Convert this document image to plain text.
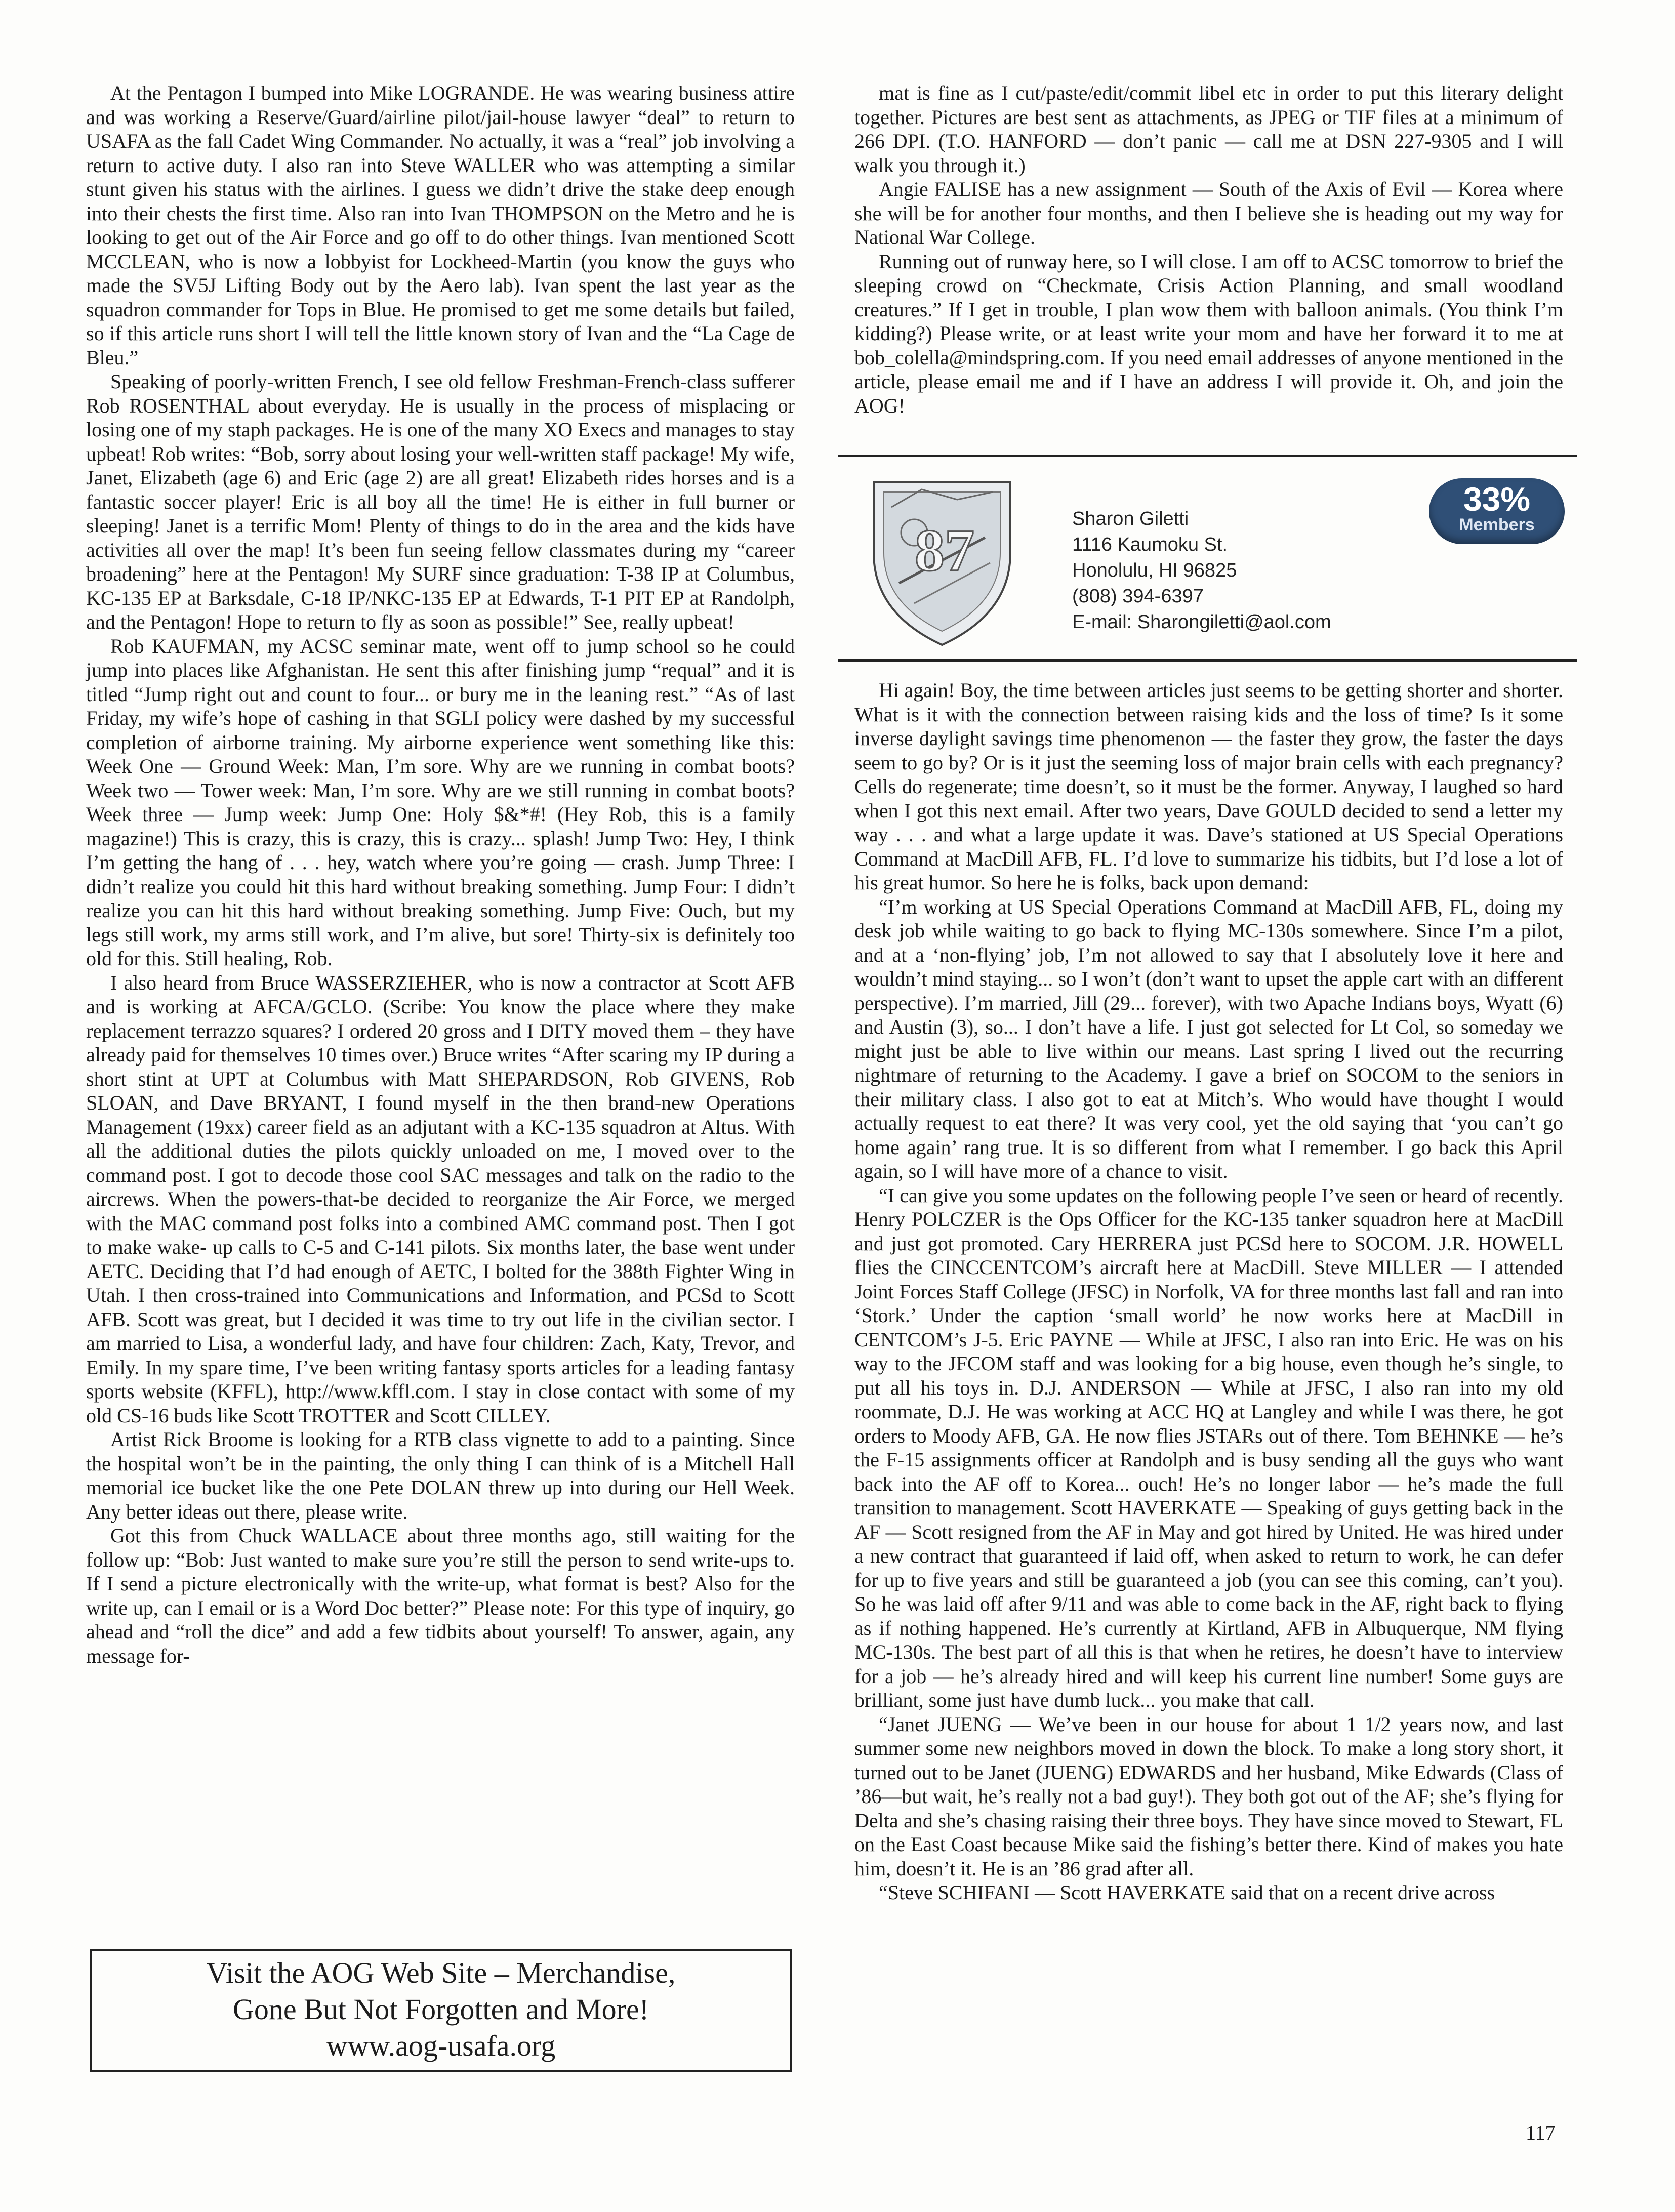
At the Pentagon I bumped into Mike LOGRANDE. He was wearing business attire and was working a Reserve/Guard/airline pilot/jail-house lawyer “deal” to return to USAFA as the fall Cadet Wing Commander. No actually, it was a “real” job involving a return to active duty. I also ran into Steve WALLER who was attempting a similar stunt given his status with the airlines. I guess we didn’t drive the stake deep enough into their chests the first time. Also ran into Ivan THOMPSON on the Metro and he is looking to get out of the Air Force and go off to do other things. Ivan mentioned Scott MCCLEAN, who is now a lobbyist for Lockheed-Martin (you know the guys who made the SV5J Lifting Body out by the Aero lab). Ivan spent the last year as the squadron commander for Tops in Blue. He promised to get me some details but failed, so if this article runs short I will tell the little known story of Ivan and the “La Cage de Bleu.”

Speaking of poorly-written French, I see old fellow Freshman-French-class sufferer Rob ROSENTHAL about everyday. He is usually in the process of misplacing or losing one of my staph packages. He is one of the many XO Execs and manages to stay upbeat! Rob writes: “Bob, sorry about losing your well-written staff package! My wife, Janet, Elizabeth (age 6) and Eric (age 2) are all great! Elizabeth rides horses and is a fantastic soccer player! Eric is all boy all the time! He is either in full burner or sleeping! Janet is a terrific Mom! Plenty of things to do in the area and the kids have activities all over the map! It’s been fun seeing fellow classmates during my “career broadening” here at the Pentagon! My SURF since graduation: T-38 IP at Columbus, KC-135 EP at Barksdale, C-18 IP/NKC-135 EP at Edwards, T-1 PIT EP at Randolph, and the Pentagon! Hope to return to fly as soon as possible!” See, really upbeat!

Rob KAUFMAN, my ACSC seminar mate, went off to jump school so he could jump into places like Afghanistan. He sent this after finishing jump “requal” and it is titled “Jump right out and count to four... or bury me in the leaning rest.” “As of last Friday, my wife’s hope of cashing in that SGLI policy were dashed by my successful completion of airborne training. My airborne experience went something like this: Week One — Ground Week: Man, I’m sore. Why are we running in combat boots? Week two — Tower week: Man, I’m sore. Why are we still running in combat boots? Week three — Jump week: Jump One: Holy $&*#! (Hey Rob, this is a family magazine!) This is crazy, this is crazy, this is crazy... splash! Jump Two: Hey, I think I’m getting the hang of . . . hey, watch where you’re going — crash. Jump Three: I didn’t realize you could hit this hard without breaking something. Jump Four: I didn’t realize you can hit this hard without breaking something. Jump Five: Ouch, but my legs still work, my arms still work, and I’m alive, but sore! Thirty-six is definitely too old for this. Still healing, Rob.

I also heard from Bruce WASSERZIEHER, who is now a contractor at Scott AFB and is working at AFCA/GCLO. (Scribe: You know the place where they make replacement terrazzo squares? I ordered 20 gross and I DITY moved them – they have already paid for themselves 10 times over.) Bruce writes “After scaring my IP during a short stint at UPT at Columbus with Matt SHEPARDSON, Rob GIVENS, Rob SLOAN, and Dave BRYANT, I found myself in the then brand-new Operations Management (19xx) career field as an adjutant with a KC-135 squadron at Altus. With all the additional duties the pilots quickly unloaded on me, I moved over to the command post. I got to decode those cool SAC messages and talk on the radio to the aircrews. When the powers-that-be decided to reorganize the Air Force, we merged with the MAC command post folks into a combined AMC command post. Then I got to make wake- up calls to C-5 and C-141 pilots. Six months later, the base went under AETC. Deciding that I’d had enough of AETC, I bolted for the 388th Fighter Wing in Utah. I then cross-trained into Communications and Information, and PCSd to Scott AFB. Scott was great, but I decided it was time to try out life in the civilian sector. I am married to Lisa, a wonderful lady, and have four children: Zach, Katy, Trevor, and Emily. In my spare time, I’ve been writing fantasy sports articles for a leading fantasy sports website (KFFL), http://www.kffl.com. I stay in close contact with some of my old CS-16 buds like Scott TROTTER and Scott CILLEY.

Artist Rick Broome is looking for a RTB class vignette to add to a painting. Since the hospital won’t be in the painting, the only thing I can think of is a Mitchell Hall memorial ice bucket like the one Pete DOLAN threw up into during our Hell Week. Any better ideas out there, please write.

Got this from Chuck WALLACE about three months ago, still waiting for the follow up: “Bob: Just wanted to make sure you’re still the person to send write-ups to. If I send a picture electronically with the write-up, what format is best? Also for the write up, can I email or is a Word Doc better?” Please note: For this type of inquiry, go ahead and “roll the dice” and add a few tidbits about yourself! To answer, again, any message for-

mat is fine as I cut/paste/edit/commit libel etc in order to put this literary delight together. Pictures are best sent as attachments, as JPEG or TIF files at a minimum of 266 DPI. (T.O. HANFORD — don’t panic — call me at DSN 227-9305 and I will walk you through it.)

Angie FALISE has a new assignment — South of the Axis of Evil — Korea where she will be for another four months, and then I believe she is heading out my way for National War College.

Running out of runway here, so I will close. I am off to ACSC tomorrow to brief the sleeping crowd on “Checkmate, Crisis Action Planning, and small woodland creatures.” If I get in trouble, I plan wow them with balloon animals. (You think I’m kidding?) Please write, or at least write your mom and have her forward it to me at bob_colella@mindspring.com. If you need email addresses of anyone mentioned in the article, please email me and if I have an address I will provide it. Oh, and join the AOG!

87	Sharon Giletti
1116 Kaumoku St.
Honolulu, HI 96825
(808) 394-6397
E-mail: Sharongiletti@aol.com
33%
Members

Hi again! Boy, the time between articles just seems to be getting shorter and shorter. What is it with the connection between raising kids and the loss of time? Is it some inverse daylight savings time phenomenon — the faster they grow, the faster the days seem to go by? Or is it just the seeming loss of major brain cells with each pregnancy? Cells do regenerate; time doesn’t, so it must be the former. Anyway, I laughed so hard when I got this next email. After two years, Dave GOULD decided to send a letter my way . . . and what a large update it was. Dave’s stationed at US Special Operations Command at MacDill AFB, FL. I’d love to summarize his tidbits, but I’d lose a lot of his great humor. So here he is folks, back upon demand:

“I’m working at US Special Operations Command at MacDill AFB, FL, doing my desk job while waiting to go back to flying MC-130s somewhere. Since I’m a pilot, and at a ‘non-flying’ job, I’m not allowed to say that I absolutely love it here and wouldn’t mind staying... so I won’t (don’t want to upset the apple cart with an different perspective). I’m married, Jill (29... forever), with two Apache Indians boys, Wyatt (6) and Austin (3), so... I don’t have a life. I just got selected for Lt Col, so someday we might just be able to live within our means. Last spring I lived out the recurring nightmare of returning to the Academy. I gave a brief on SOCOM to the seniors in their military class. I also got to eat at Mitch’s. Who would have thought I would actually request to eat there? It was very cool, yet the old saying that ‘you can’t go home again’ rang true. It is so different from what I remember. I go back this April again, so I will have more of a chance to visit.

“I can give you some updates on the following people I’ve seen or heard of recently. Henry POLCZER is the Ops Officer for the KC-135 tanker squadron here at MacDill and just got promoted. Cary HERRERA just PCSd here to SOCOM. J.R. HOWELL flies the CINCCENTCOM’s aircraft here at MacDill. Steve MILLER — I attended Joint Forces Staff College (JFSC) in Norfolk, VA for three months last fall and ran into ‘Stork.’ Under the caption ‘small world’ he now works here at MacDill in CENTCOM’s J-5. Eric PAYNE — While at JFSC, I also ran into Eric. He was on his way to the JFCOM staff and was looking for a big house, even though he’s single, to put all his toys in. D.J. ANDERSON — While at JFSC, I also ran into my old roommate, D.J. He was working at ACC HQ at Langley and while I was there, he got orders to Moody AFB, GA. He now flies JSTARs out of there. Tom BEHNKE — he’s the F-15 assignments officer at Randolph and is busy sending all the guys who want back into the AF off to Korea... ouch! He’s no longer labor — he’s made the full transition to management. Scott HAVERKATE — Speaking of guys getting back in the AF — Scott resigned from the AF in May and got hired by United. He was hired under a new contract that guaranteed if laid off, when asked to return to work, he can defer for up to five years and still be guaranteed a job (you can see this coming, can’t you). So he was laid off after 9/11 and was able to come back in the AF, right back to flying as if nothing happened. He’s currently at Kirtland, AFB in Albuquerque, NM flying MC-130s. The best part of all this is that when he retires, he doesn’t have to interview for a job — he’s already hired and will keep his current line number! Some guys are brilliant, some just have dumb luck... you make that call.

“Janet JUENG — We’ve been in our house for about 1 1/2 years now, and last summer some new neighbors moved in down the block. To make a long story short, it turned out to be Janet (JUENG) EDWARDS and her husband, Mike Edwards (Class of ’86—but wait, he’s really not a bad guy!). They both got out of the AF; she’s flying for Delta and she’s chasing raising their three boys. They have since moved to Stewart, FL on the East Coast because Mike said the fishing’s better there. Kind of makes you hate him, doesn’t it. He is an ’86 grad after all.

“Steve SCHIFANI — Scott HAVERKATE said that on a recent drive across

Visit the AOG Web Site – Merchandise,
Gone But Not Forgotten and More!
www.aog-usafa.org
117
